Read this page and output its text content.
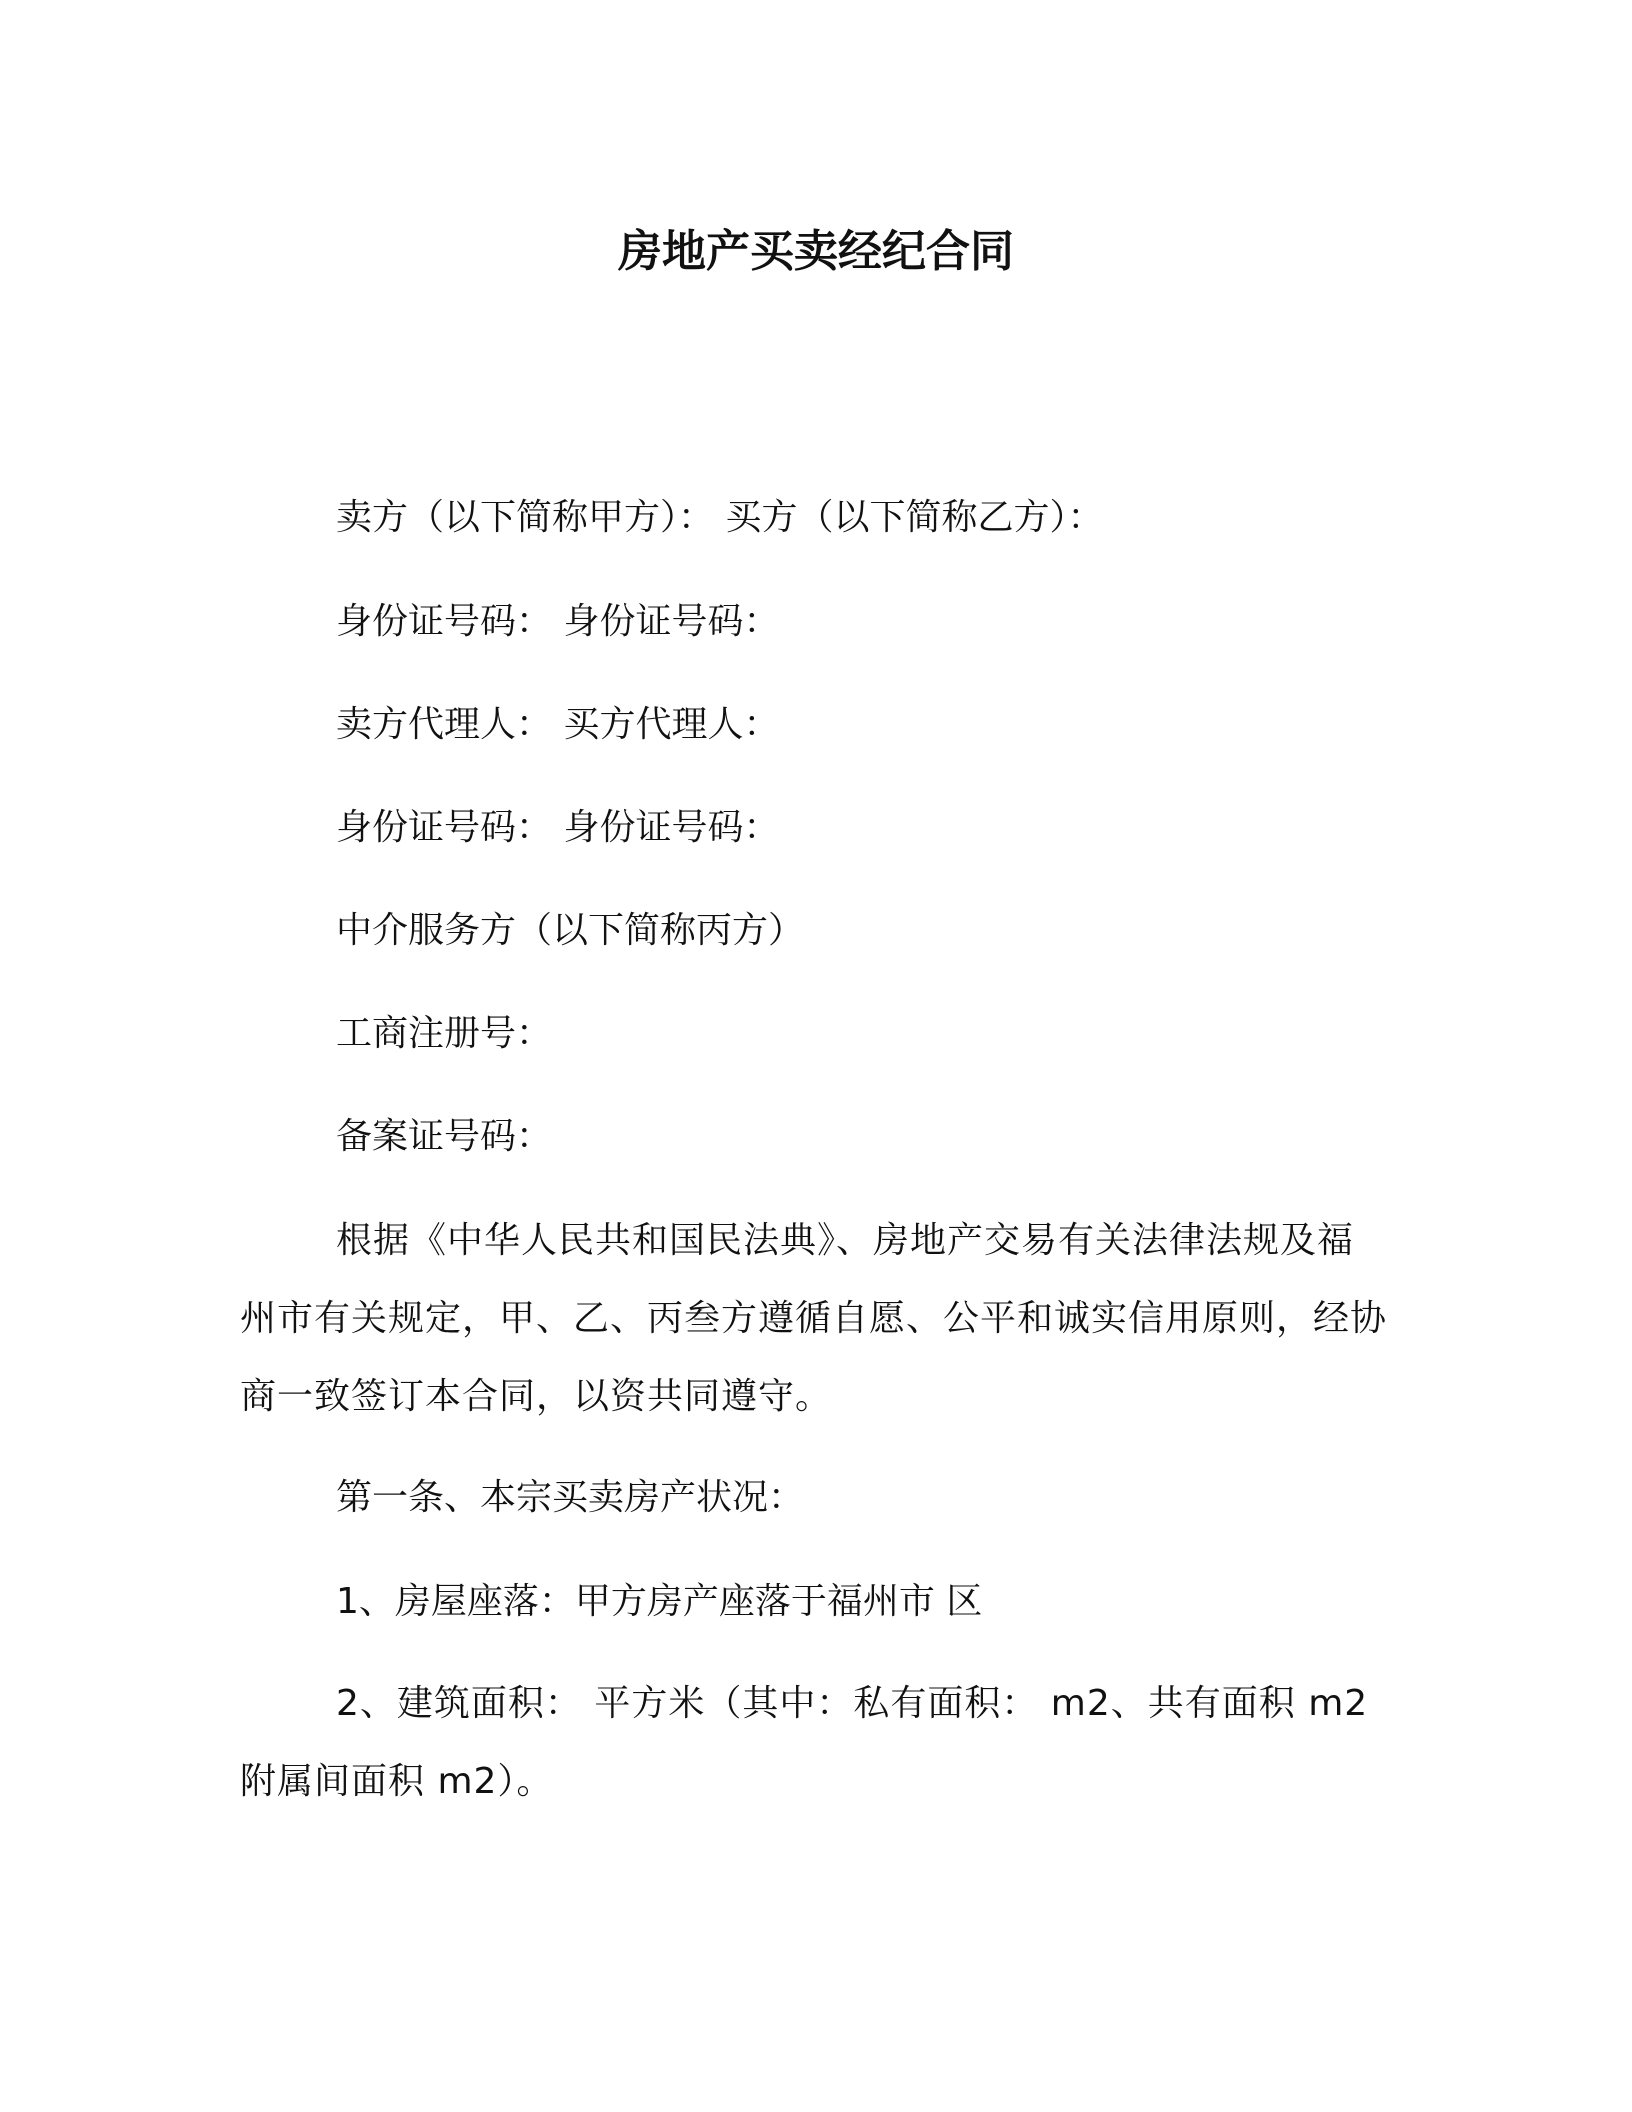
房地产买卖经纪合同

卖方（以下简称甲方）： 买方（以下简称乙方）：

身份证号码： 身份证号码：

卖方代理人： 买方代理人：

身份证号码： 身份证号码：

中介服务方（以下简称丙方）

工商注册号：

备案证号码：

根据《中华人民共和国民法典》、房地产交易有关法律法规及福州市有关规定，甲、乙、丙叁方遵循自愿、公平和诚实信用原则，经协商一致签订本合同，以资共同遵守。

第一条、本宗买卖房产状况：

1、房屋座落：甲方房产座落于福州市 区

2、建筑面积： 平方米（其中：私有面积： m2、共有面积 m2 附属间面积 m2）。
